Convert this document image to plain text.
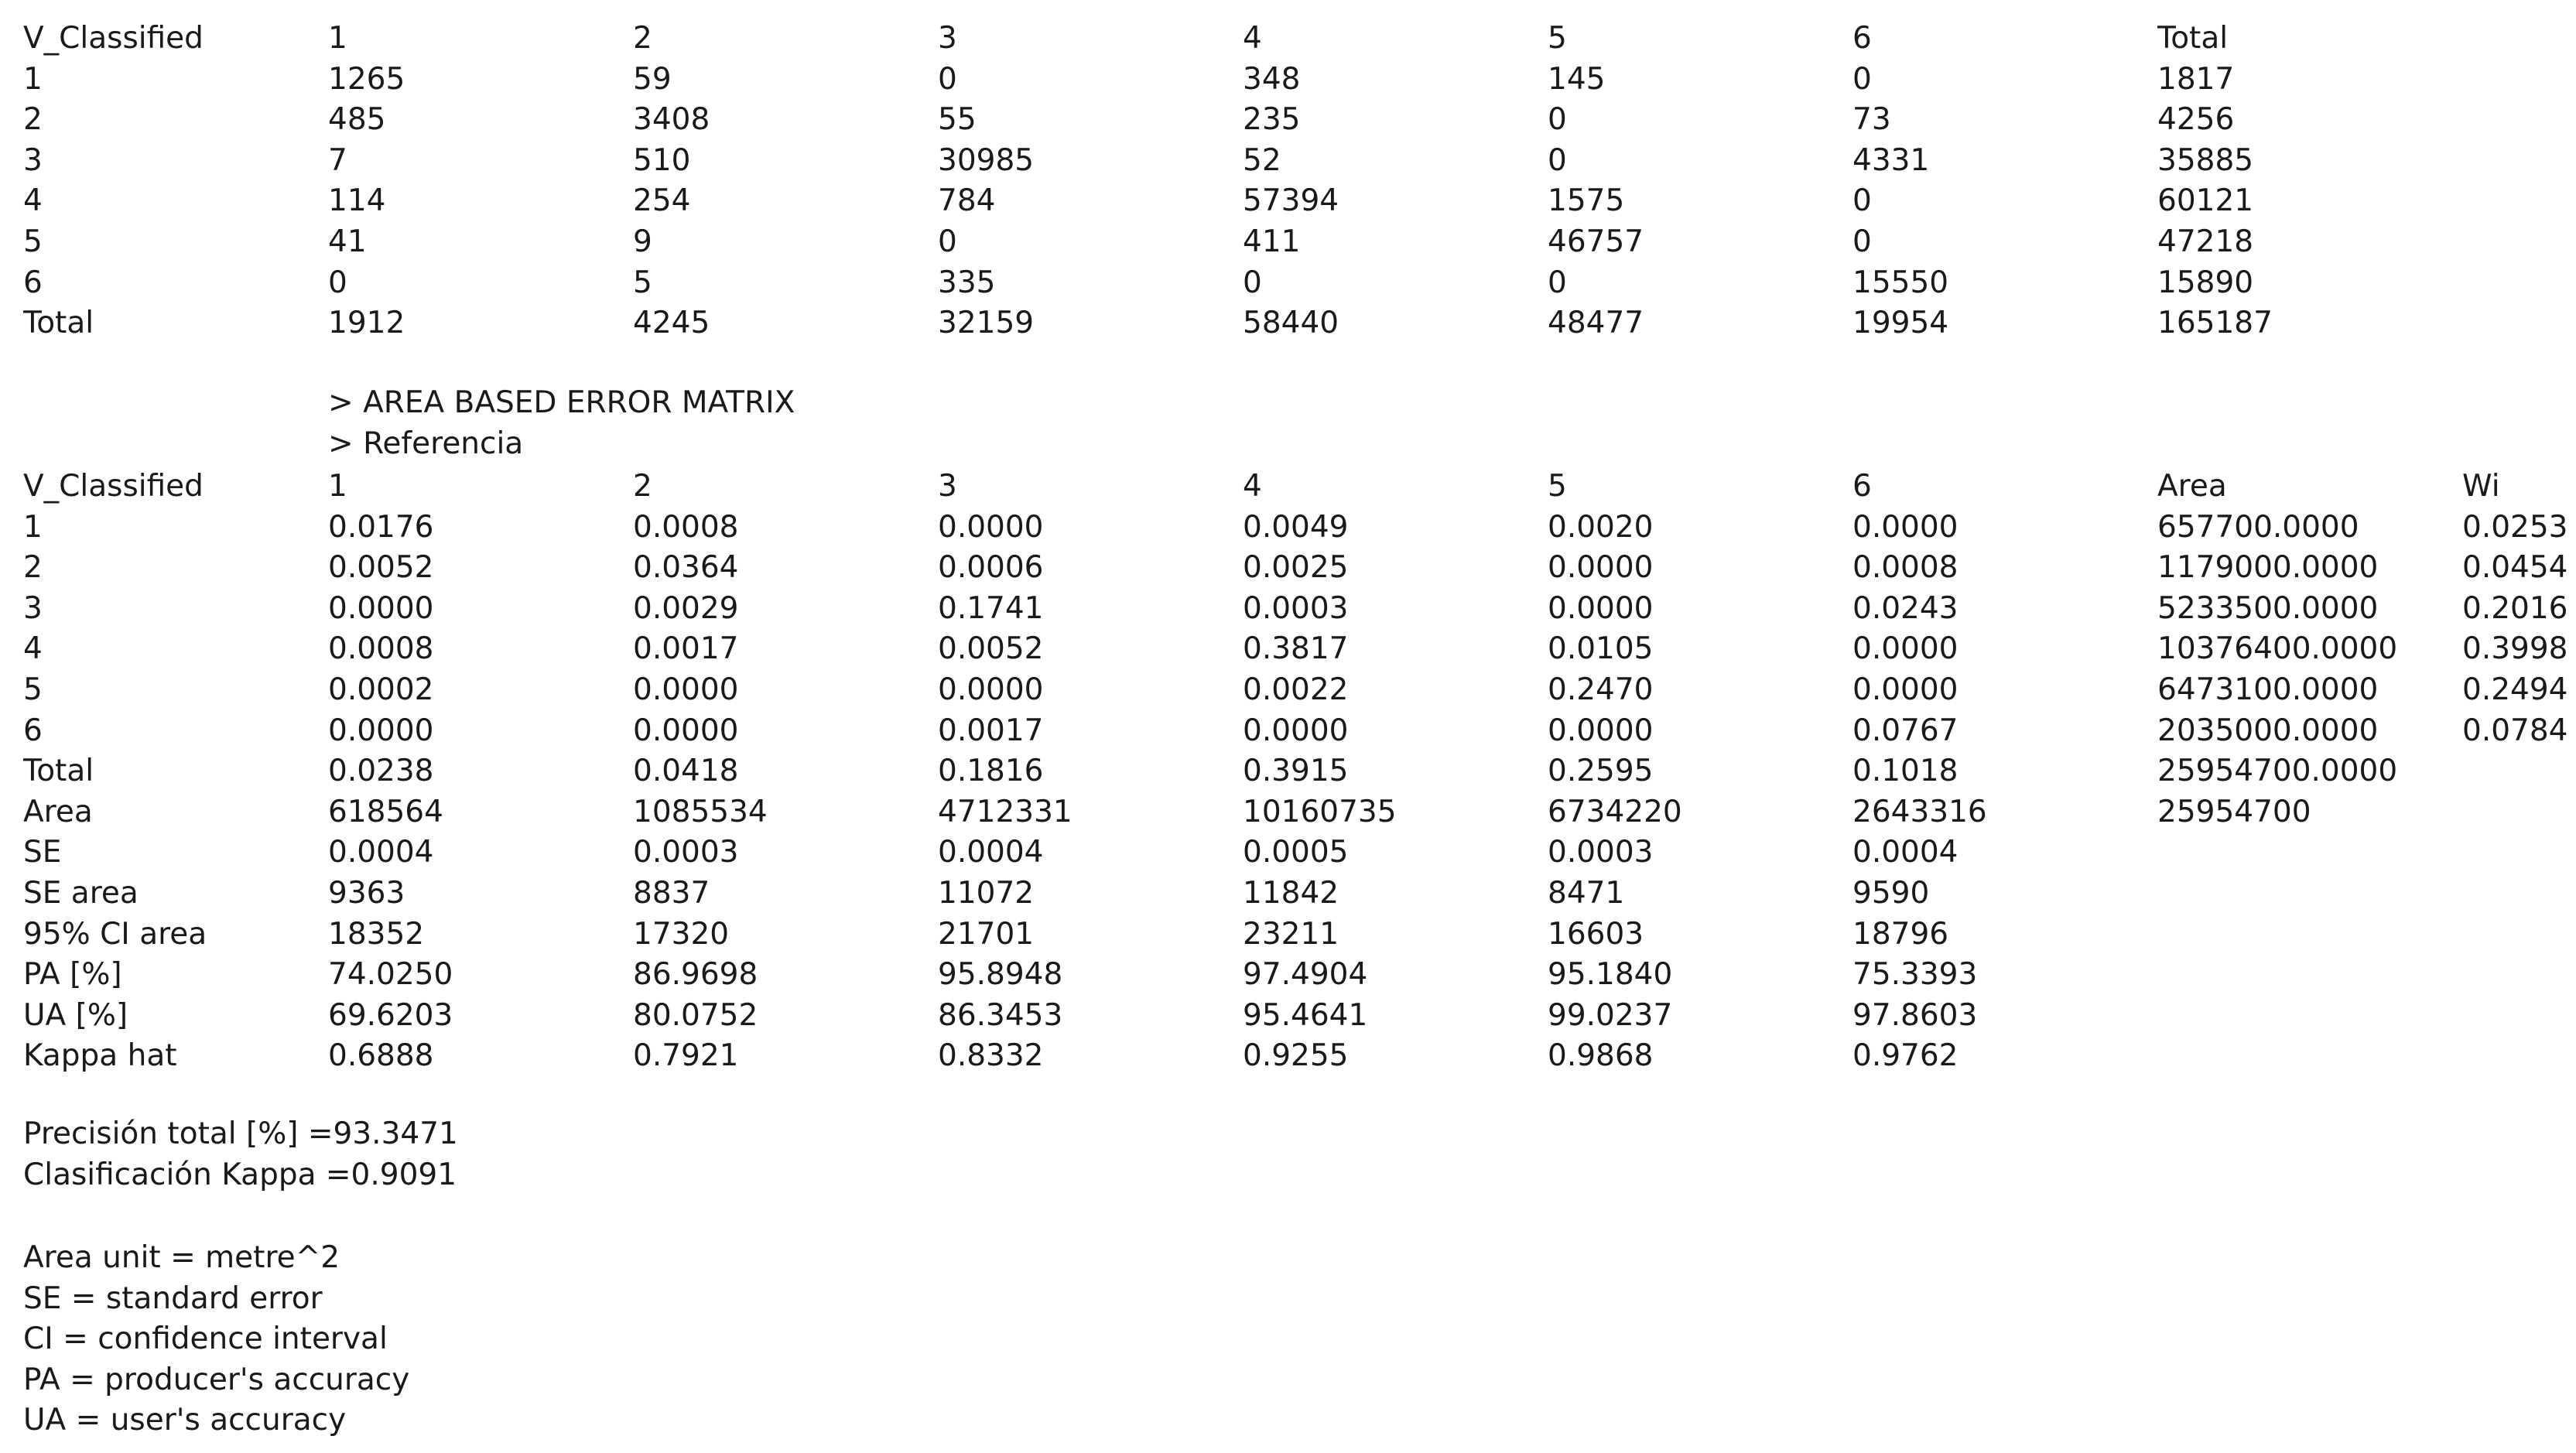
V_Classified	1	2	3	4	5	6	Total
1	1265	59	0	348	145	0	1817
2	485	3408	55	235	0	73	4256
3	7	510	30985	52	0	4331	35885
4	114	254	784	57394	1575	0	60121
5	41	9	0	411	46757	0	47218
6	0	5	335	0	0	15550	15890
Total	1912	4245	32159	58440	48477	19954	165187
> AREA BASED ERROR MATRIX
> Referencia
V_Classified	1	2	3	4	5	6	Area	Wi
1	0.0176	0.0008	0.0000	0.0049	0.0020	0.0000	657700.0000	0.0253
2	0.0052	0.0364	0.0006	0.0025	0.0000	0.0008	1179000.0000	0.0454
3	0.0000	0.0029	0.1741	0.0003	0.0000	0.0243	5233500.0000	0.2016
4	0.0008	0.0017	0.0052	0.3817	0.0105	0.0000	10376400.0000	0.3998
5	0.0002	0.0000	0.0000	0.0022	0.2470	0.0000	6473100.0000	0.2494
6	0.0000	0.0000	0.0017	0.0000	0.0000	0.0767	2035000.0000	0.0784
Total	0.0238	0.0418	0.1816	0.3915	0.2595	0.1018	25954700.0000	
Area	618564	1085534	4712331	10160735	6734220	2643316	25954700	
SE	0.0004	0.0003	0.0004	0.0005	0.0003	0.0004		
SE area	9363	8837	11072	11842	8471	9590		
95% CI area	18352	17320	21701	23211	16603	18796		
PA [%]	74.0250	86.9698	95.8948	97.4904	95.1840	75.3393		
UA [%]	69.6203	80.0752	86.3453	95.4641	99.0237	97.8603		
Kappa hat	0.6888	0.7921	0.8332	0.9255	0.9868	0.9762		
Precisión total [%] =93.3471
Clasificación Kappa =0.9091
Area unit = metre^2
SE = standard error
CI = confidence interval
PA = producer's accuracy
UA = user's accuracy
